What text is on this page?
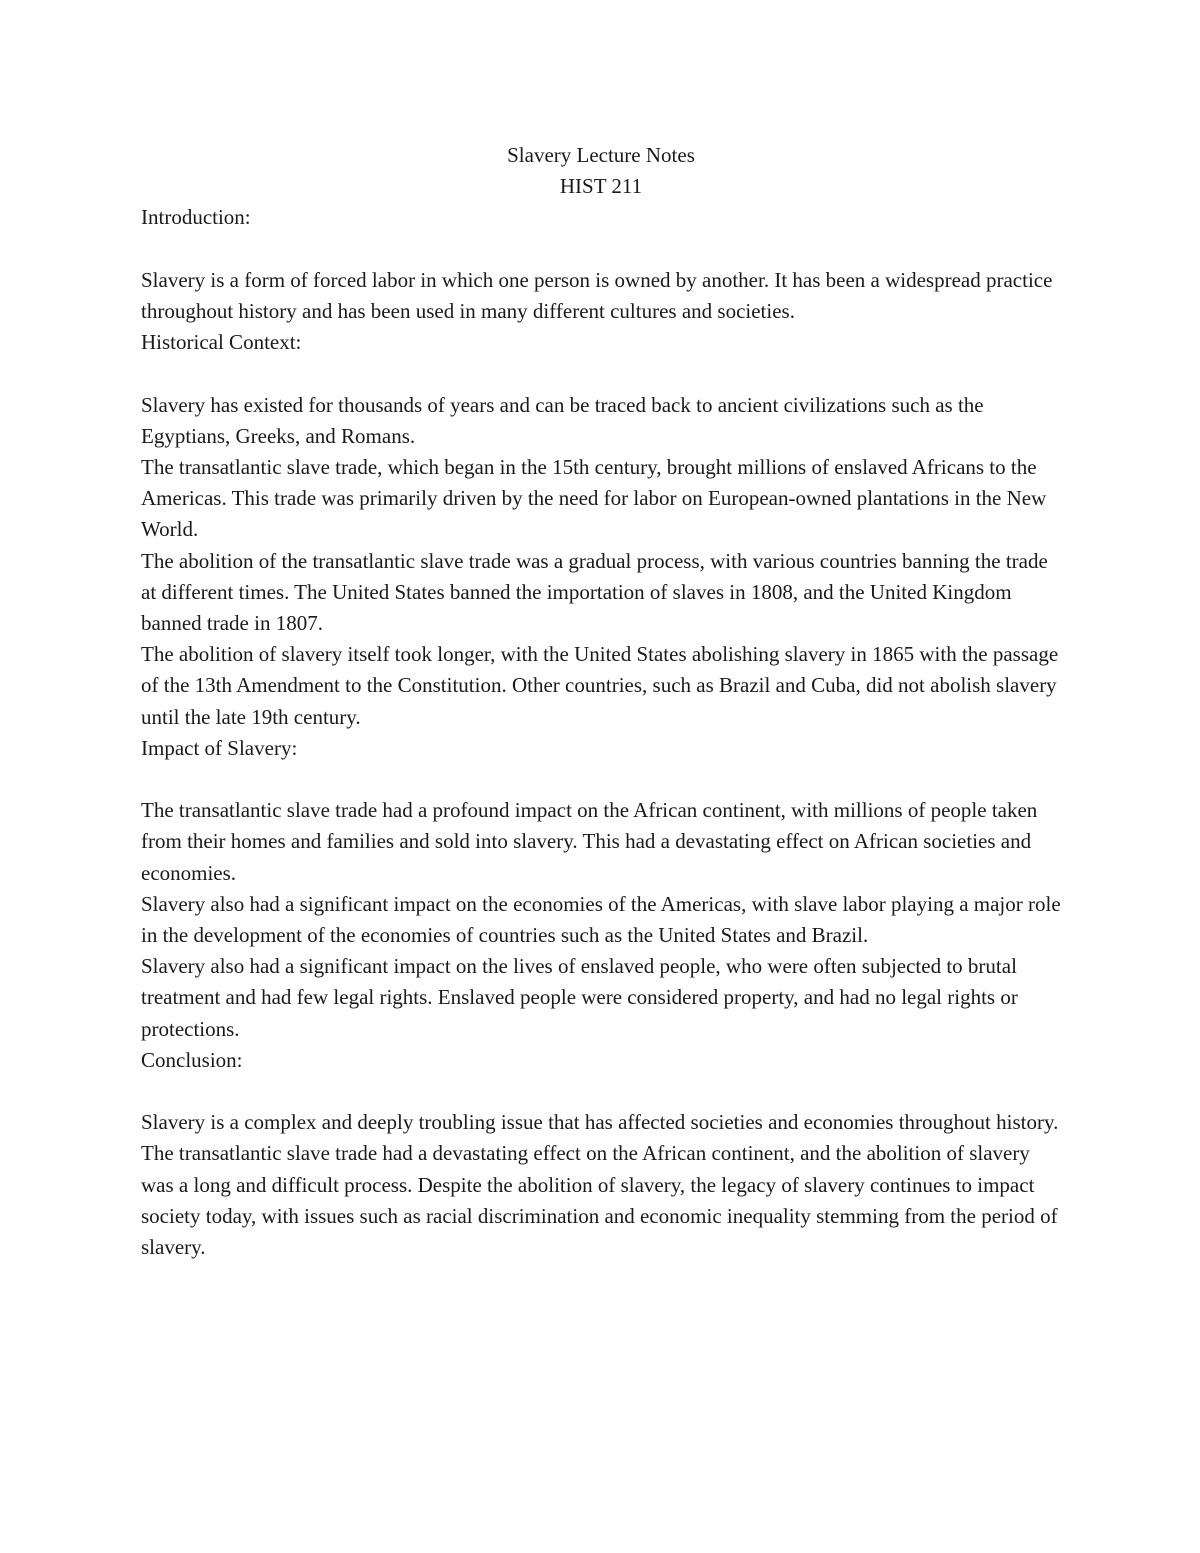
Slavery Lecture Notes
HIST 211
Introduction:

Slavery is a form of forced labor in which one person is owned by another. It has been a widespread practice throughout history and has been used in many different cultures and societies.

Historical Context:

Slavery has existed for thousands of years and can be traced back to ancient civilizations such as the Egyptians, Greeks, and Romans.

The transatlantic slave trade, which began in the 15th century, brought millions of enslaved Africans to the Americas. This trade was primarily driven by the need for labor on European-owned plantations in the New World.

The abolition of the transatlantic slave trade was a gradual process, with various countries banning the trade at different times. The United States banned the importation of slaves in 1808, and the United Kingdom banned trade in 1807.

The abolition of slavery itself took longer, with the United States abolishing slavery in 1865 with the passage of the 13th Amendment to the Constitution. Other countries, such as Brazil and Cuba, did not abolish slavery until the late 19th century.

Impact of Slavery:

The transatlantic slave trade had a profound impact on the African continent, with millions of people taken from their homes and families and sold into slavery. This had a devastating effect on African societies and economies.

Slavery also had a significant impact on the economies of the Americas, with slave labor playing a major role in the development of the economies of countries such as the United States and Brazil.

Slavery also had a significant impact on the lives of enslaved people, who were often subjected to brutal treatment and had few legal rights. Enslaved people were considered property, and had no legal rights or protections.

Conclusion:

Slavery is a complex and deeply troubling issue that has affected societies and economies throughout history. The transatlantic slave trade had a devastating effect on the African continent, and the abolition of slavery was a long and difficult process. Despite the abolition of slavery, the legacy of slavery continues to impact society today, with issues such as racial discrimination and economic inequality stemming from the period of slavery.
